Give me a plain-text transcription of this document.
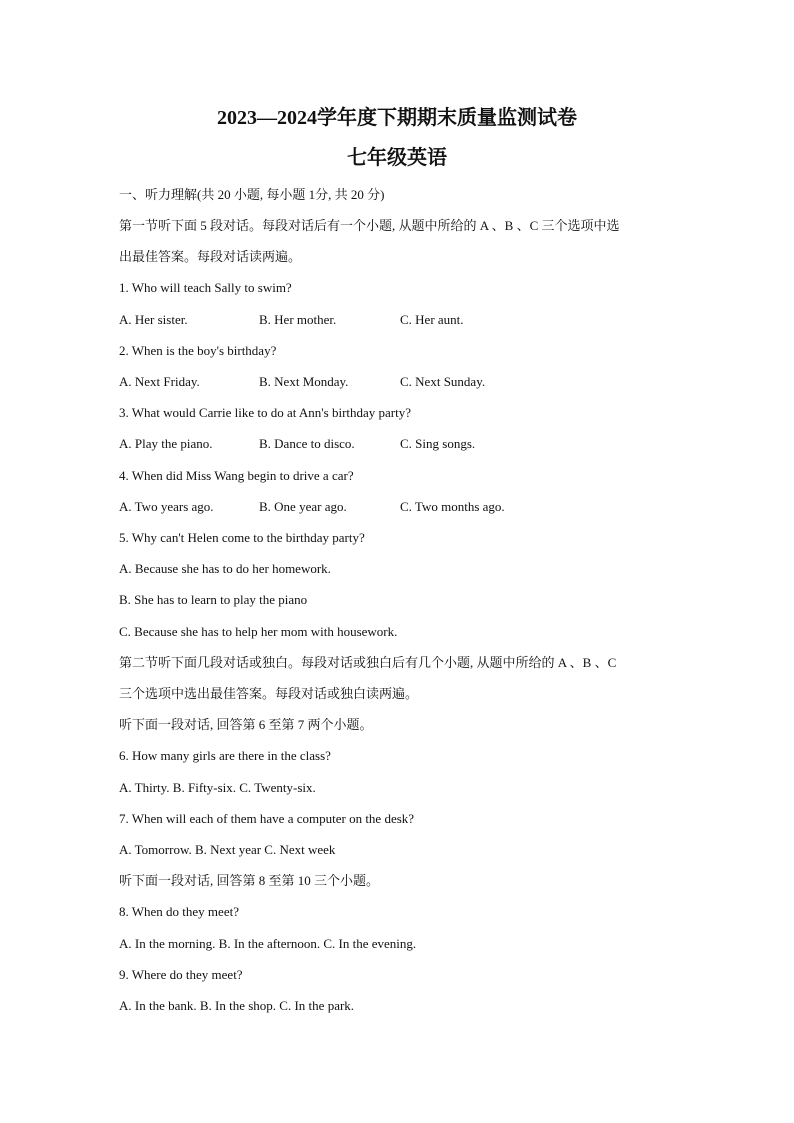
2023—2024学年度下期期末质量监测试卷
七年级英语
一、听力理解(共 20 小题, 每小题 1分, 共 20 分)
第一节听下面 5 段对话。每段对话后有一个小题, 从题中所给的 A 、B 、C 三个选项中选
出最佳答案。每段对话读两遍。
1. Who will teach Sally to swim?
A. Her sister.	B. Her mother.	C. Her aunt.
2. When is the boy's birthday?
A. Next Friday.	B. Next Monday.	C. Next Sunday.
3. What would Carrie like to do at Ann's birthday party?
A. Play the piano.	B. Dance to disco.	C. Sing songs.
4. When did Miss Wang begin to drive a car?
A. Two years ago.	B. One year ago.	C. Two months ago.
5. Why can't Helen come to the birthday party?
A. Because she has to do her homework.
B. She has to learn to play the piano
C. Because she has to help her mom with housework.
第二节听下面几段对话或独白。每段对话或独白后有几个小题, 从题中所给的 A 、B 、C
三个选项中选出最佳答案。每段对话或独白读两遍。
听下面一段对话, 回答第 6 至第 7 两个小题。
6. How many girls are there in the class?
A. Thirty. B. Fifty-six. C. Twenty-six.
7. When will each of them have a computer on the desk?
A. Tomorrow. B. Next year C. Next week
听下面一段对话, 回答第 8 至第 10 三个小题。
8. When do they meet?
A. In the morning. B. In the afternoon. C. In the evening.
9. Where do they meet?
A. In the bank. B. In the shop. C. In the park.
